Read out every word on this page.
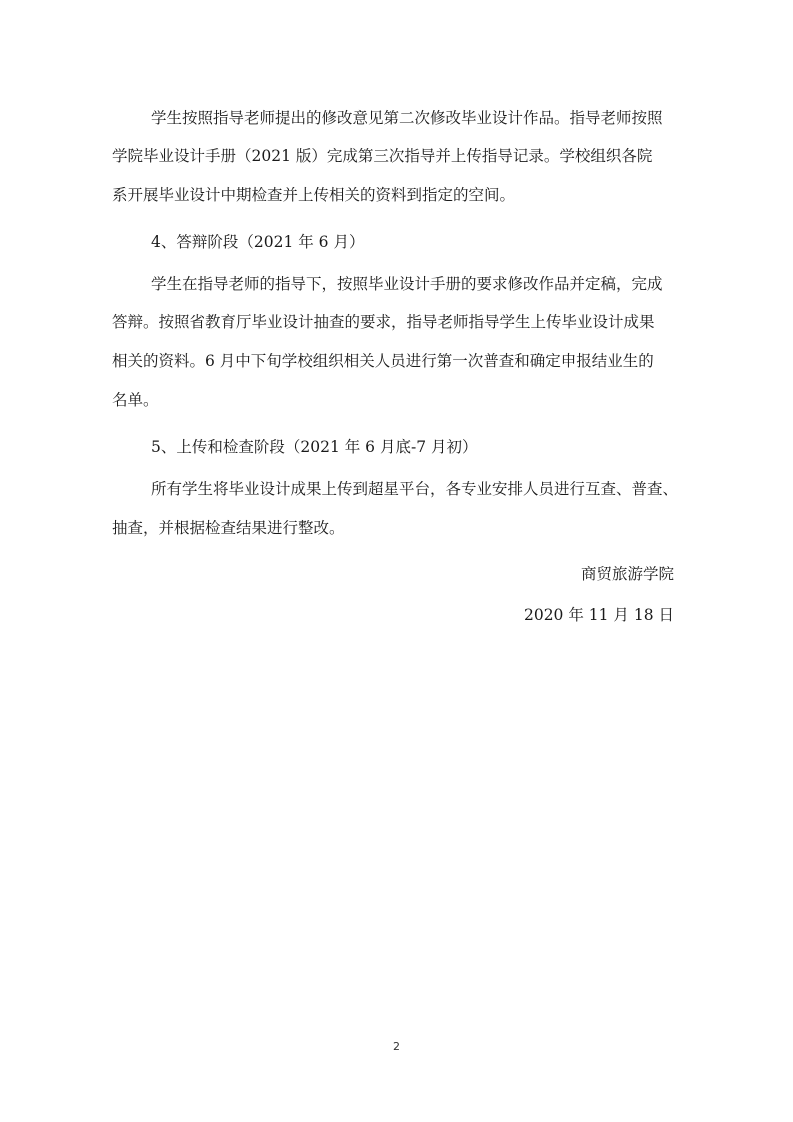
学生按照指导老师提出的修改意见第二次修改毕业设计作品。指导老师按照
学院毕业设计手册（2021 版）完成第三次指导并上传指导记录。学校组织各院
系开展毕业设计中期检查并上传相关的资料到指定的空间。
4、答辩阶段（2021 年 6 月）
学生在指导老师的指导下，按照毕业设计手册的要求修改作品并定稿，完成
答辩。按照省教育厅毕业设计抽查的要求，指导老师指导学生上传毕业设计成果
相关的资料。6 月中下旬学校组织相关人员进行第一次普查和确定申报结业生的
名单。
5、上传和检查阶段（2021 年 6 月底-7 月初）
所有学生将毕业设计成果上传到超星平台，各专业安排人员进行互查、普查、
抽查，并根据检查结果进行整改。
商贸旅游学院
2020 年 11 月 18 日
2
